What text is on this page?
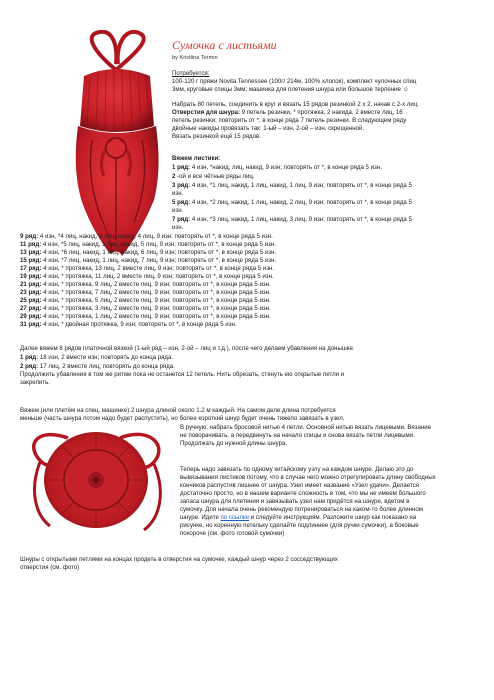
Сумочка с листьями
by Kristiina Termin
Потребуется:
100-120 г пряжи Novita Tennessee (100г/ 214м, 100% хлопок), комплект чулочных спиц
3мм, круговые спицы 3мм; машинка для плетения шнура или большое терпение ☺
Набрать 80 петель, соединить в круг и вязать 15 рядов резинкой 2 х 2, начав с 2-х лиц.
Отверстия для шнура: 9 петель резинки, * протяжка, 2 накида, 2 вместе лиц, 16
петель резинки; повторить от *, в конце ряда 7 петель резинки. В следующем ряду
двойные накиды провязать так: 1-ый – изн, 2-ой – изн. скрещенной.
Вязать резинкой ещё 15 рядов.
Вяжем листики:
1 ряд: 4 изн, *накид, лиц, накид, 9 изн; повторять от *, в конце ряда 5 изн.
2 -ой и все чётные ряды лиц.
3 ряд: 4 изн, *1 лиц, накид, 1 лиц, накид, 1 лиц, 9 изн; повторять от *, в конце ряда 5
изн.
5 ряд: 4 изн, *2 лиц, накид, 1 лиц, накид, 2 лиц, 9 изн; повторять от *, в конце ряда 5
изн.
7 ряд: 4 изн, *3 лиц, накид, 1 лиц, накид, 3 лиц, 9 изн; повторять от *, в конце ряда 5
изн.
9 ряд: 4 изн, *4 лиц, накид, 1 лиц, накид, 4 лиц, 9 изн; повторять от *, в конце ряда 5 изн.
11 ряд: 4 изн, *5 лиц, накид, 1 лиц, накид, 5 лиц, 9 изн; повторять от *, в конце ряда 5 изн.
13 ряд: 4 изн, *6 лиц, накид, 1 лиц, накид, 6 лиц, 9 изн; повторять от *, в конце ряда 5 изн.
15 ряд: 4 изн, *7 лиц, накид, 1 лиц, накид, 7 лиц, 9 изн; повторять от *, в конце ряда 5 изн.
17 ряд: 4 изн, * протяжка, 13 лиц, 2 вместе лиц, 9 изн; повторять от *, в конце ряда 5 изн.
19 ряд: 4 изн, * протяжка, 11 лиц, 2 вместе лиц, 9 изн; повторять от *, в конце ряда 5 изн.
21 ряд: 4 изн, * протяжка, 9 лиц, 2 вместе лиц, 9 изн; повторять от *, в конце ряда 5 изн.
23 ряд: 4 изн, * протяжка, 7 лиц, 2 вместе лиц, 9 изн; повторять от *, в конце ряда 5 изн.
25 ряд: 4 изн, * протяжка, 5 лиц, 2 вместе лиц, 9 изн; повторять от *, в конце ряда 5 изн.
27 ряд: 4 изн, * протяжка, 3 лиц, 2 вместе лиц, 9 изн; повторять от *, в конце ряда 5 изн.
29 ряд: 4 изн, * протяжка, 1 лиц, 2 вместе лиц, 9 изн; повторять от *, в конце ряда 5 изн.
31 ряд: 4 изн, * двойная протяжка, 9 изн; повторять от *, в конце ряда 5 изн.
Далее вяжем 8 рядов платочной вязкой (1-ый ряд – изн, 2-ой – лиц и т.д.), после чего делаем убавления на донышке.
1 ряд: 18 изн, 2 вместе изн; повторять до конца ряда.
2 ряд: 17 лиц, 2 вместе лиц; повторять до конца ряда.
Продолжить убавления в том же ритме пока не останется 12 петель. Нить обрезать, стянуть ею открытые петли и
закрепить.
Вяжем (или плетём на спец. машинке) 2 шнура длиной около 1.2 м каждый. На самом деле длина потребуется
меньше (часть шнура потом надо будет распустить), но более короткий шнур будет очень тяжело завязать в узел.
В ручную: набрать бросовой нитью 4 петли. Основной нитью вязать лицевыми. Вязание
не поворачивать, а передвинуть на начало спицы и снова вязать петли лицевыми.
Продолжать до нужной длины шнура.
Теперь надо завязать по одному китайскому узлу на каждом шнуре. Делаю это до
вывязывания листиков потому, что в случае чего можно отрегулировать длину свободных
кончиков распустив лишнее от шнура. Узел имеет название «Узел удачи». Делается
достаточно просто, но в нашем варианте сложность в том, что мы не имеем большого
запаса шнура для плетения и завязывать узел нам придётся на шнуре, вдетом в
сумочку. Для начала очень рекомендую потренироваться на каком-то более длинном
шнуре. Идите по ссылке и следуйте инструкциям. Разложите шнур как показано на
рисунке, но коренную петельку сделайте подлиннее (для ручки сумочки), а боковые
покороче (см. фото готовой сумочки)
Шнуры с открытыми петлями на концах продеть в отверстия на сумочке, каждый шнур через 2 сосседствующих
отверстия (см. фото)
